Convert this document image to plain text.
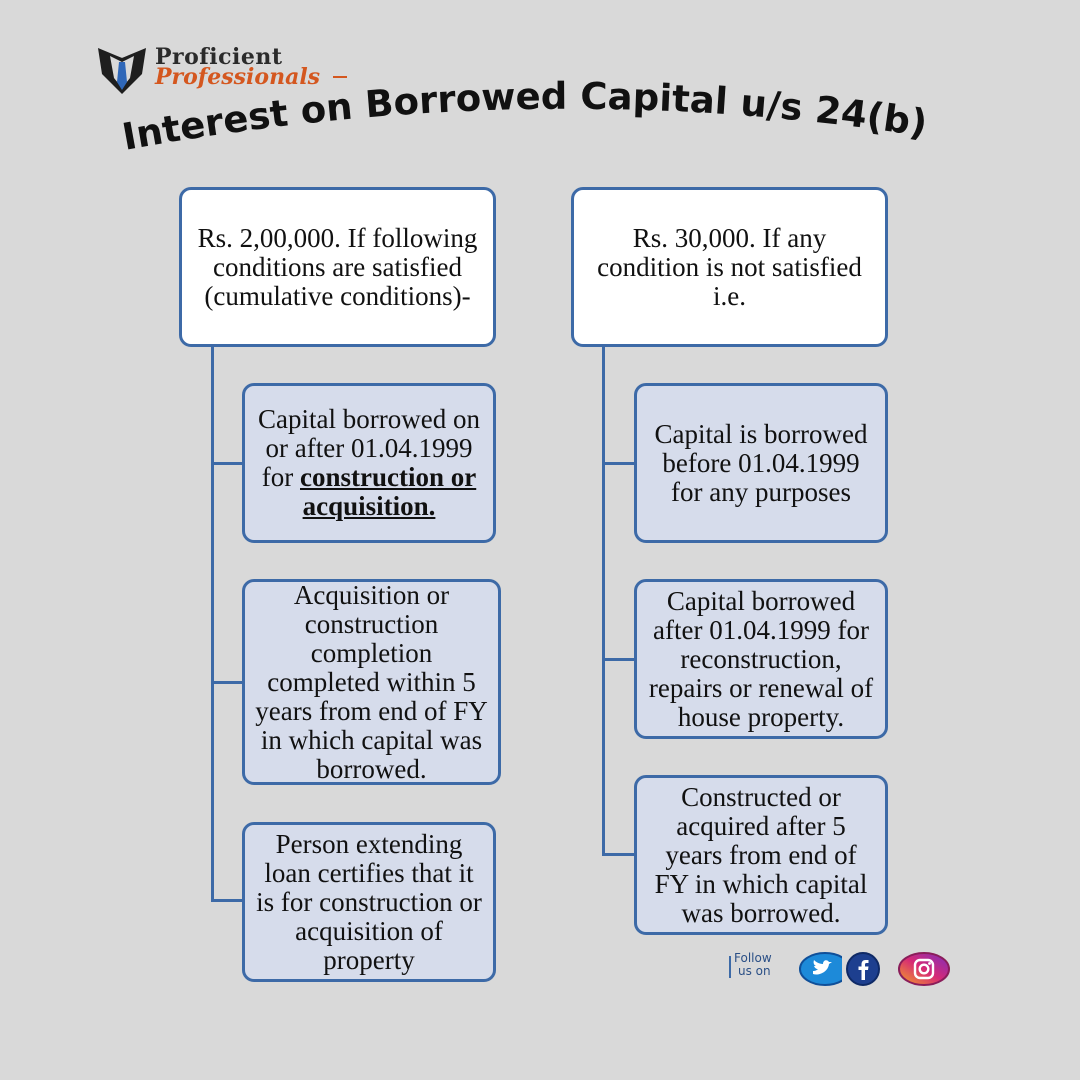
Proficient
Professionals
Interest on Borrowed Capital u/s 24(b)
Rs. 2,00,000. If following conditions are satisfied (cumulative conditions)-
Capital borrowed on or after 01.04.1999 for construction or acquisition.
Acquisition or construction completion completed within 5 years from end of FY in which capital was borrowed.
Person extending loan certifies that it is for construction or acquisition of property
Rs. 30,000. If any condition is not satisfied i.e.
Capital is borrowed before 01.04.1999 for any purposes
Capital borrowed after 01.04.1999 for reconstruction, repairs or renewal of house property.
Constructed or acquired after 5 years from end of FY in which capital was borrowed.
Follow
us on
